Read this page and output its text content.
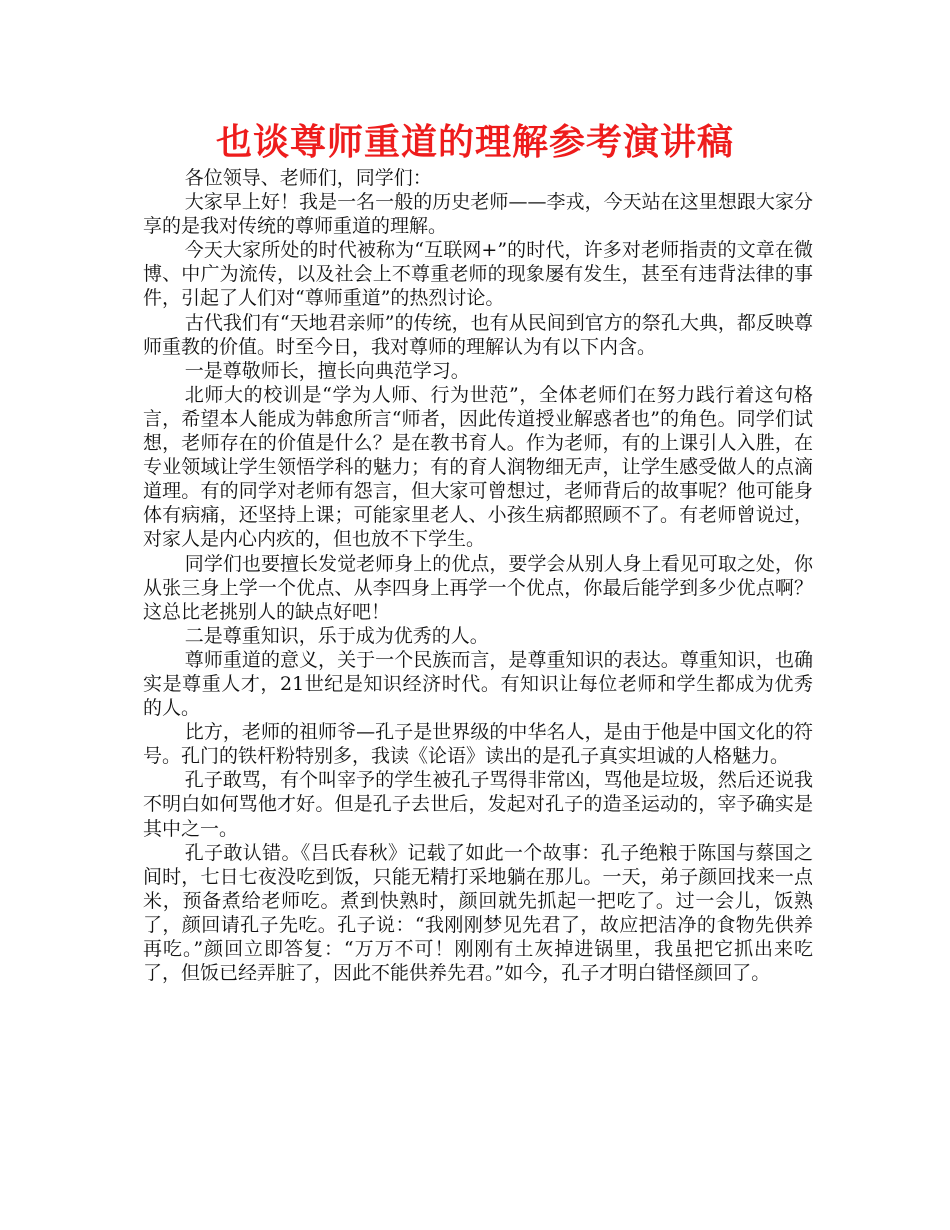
也谈尊师重道的理解参考演讲稿

各位领导、老师们，同学们：

大家早上好！我是一名一般的历史老师——李戎，今天站在这里想跟大家分享的是我对传统的尊师重道的理解。

今天大家所处的时代被称为“互联网+”的时代，许多对老师指责的文章在微博、中广为流传，以及社会上不尊重老师的现象屡有发生，甚至有违背法律的事件，引起了人们对“尊师重道”的热烈讨论。

古代我们有“天地君亲师”的传统，也有从民间到官方的祭孔大典，都反映尊师重教的价值。时至今日，我对尊师的理解认为有以下内含。

一是尊敬师长，擅长向典范学习。

北师大的校训是“学为人师、行为世范”，全体老师们在努力践行着这句格言，希望本人能成为韩愈所言“师者，因此传道授业解惑者也”的角色。同学们试想，老师存在的价值是什么？是在教书育人。作为老师，有的上课引人入胜，在专业领域让学生领悟学科的魅力；有的育人润物细无声，让学生感受做人的点滴道理。有的同学对老师有怨言，但大家可曾想过，老师背后的故事呢？他可能身体有病痛，还坚持上课；可能家里老人、小孩生病都照顾不了。有老师曾说过，对家人是内心内疚的，但也放不下学生。

同学们也要擅长发觉老师身上的优点，要学会从别人身上看见可取之处，你从张三身上学一个优点、从李四身上再学一个优点，你最后能学到多少优点啊？这总比老挑别人的缺点好吧！

二是尊重知识，乐于成为优秀的人。

尊师重道的意义，关于一个民族而言，是尊重知识的表达。尊重知识，也确实是尊重人才，21世纪是知识经济时代。有知识让每位老师和学生都成为优秀的人。

比方，老师的祖师爷—孔子是世界级的中华名人，是由于他是中国文化的符号。孔门的铁杆粉特别多，我读《论语》读出的是孔子真实坦诚的人格魅力。

孔子敢骂，有个叫宰予的学生被孔子骂得非常凶，骂他是垃圾，然后还说我不明白如何骂他才好。但是孔子去世后，发起对孔子的造圣运动的，宰予确实是其中之一。

孔子敢认错。《吕氏春秋》记载了如此一个故事：孔子绝粮于陈国与蔡国之间时，七日七夜没吃到饭，只能无精打采地躺在那儿。一天，弟子颜回找来一点米，预备煮给老师吃。煮到快熟时，颜回就先抓起一把吃了。过一会儿，饭熟了，颜回请孔子先吃。孔子说：“我刚刚梦见先君了，故应把洁净的食物先供养再吃。”颜回立即答复：“万万不可！刚刚有土灰掉进锅里，我虽把它抓出来吃了，但饭已经弄脏了，因此不能供养先君。”如今，孔子才明白错怪颜回了。
